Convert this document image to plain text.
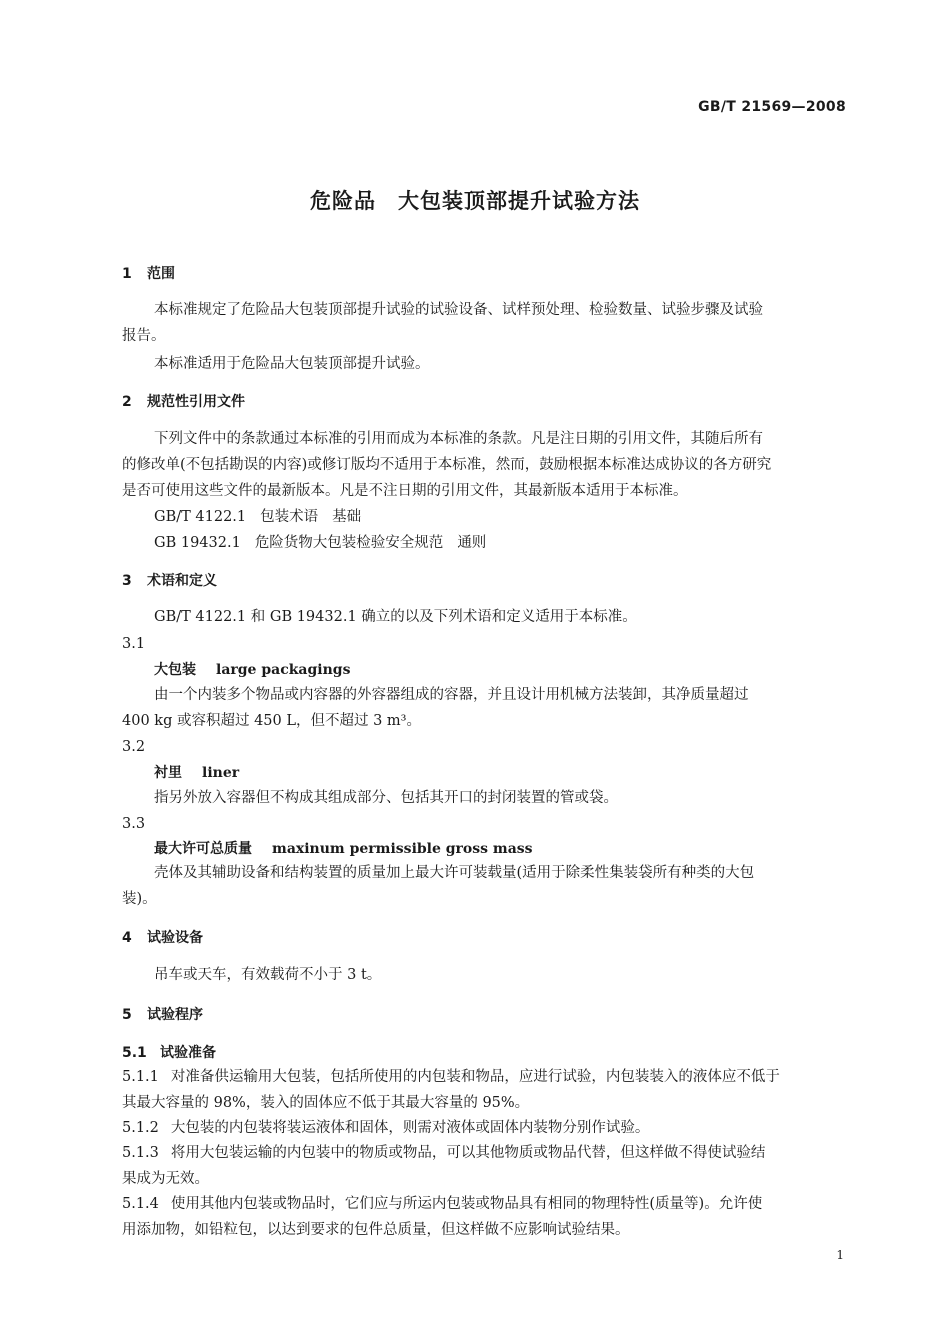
GB/T 21569—2008
危险品　大包装顶部提升试验方法
1 范围
本标准规定了危险品大包装顶部提升试验的试验设备、试样预处理、检验数量、试验步骤及试验
报告。
本标准适用于危险品大包装顶部提升试验。
2 规范性引用文件
下列文件中的条款通过本标准的引用而成为本标准的条款。凡是注日期的引用文件，其随后所有
的修改单(不包括勘误的内容)或修订版均不适用于本标准，然而，鼓励根据本标准达成协议的各方研究
是否可使用这些文件的最新版本。凡是不注日期的引用文件，其最新版本适用于本标准。
GB/T 4122.1 包装术语 基础
GB 19432.1 危险货物大包装检验安全规范 通则
3 术语和定义
GB/T 4122.1 和 GB 19432.1 确立的以及下列术语和定义适用于本标准。
3.1
大包装 large packagings
由一个内装多个物品或内容器的外容器组成的容器，并且设计用机械方法装卸，其净质量超过
400 kg 或容积超过 450 L，但不超过 3 m³。
3.2
衬里 liner
指另外放入容器但不构成其组成部分、包括其开口的封闭装置的管或袋。
3.3
最大许可总质量 maxinum permissible gross mass
壳体及其辅助设备和结构装置的质量加上最大许可装载量(适用于除柔性集装袋所有种类的大包
装)。
4 试验设备
吊车或天车，有效载荷不小于 3 t。
5 试验程序
5.1 试验准备
5.1.1 对准备供运输用大包装，包括所使用的内包装和物品，应进行试验，内包装装入的液体应不低于
其最大容量的 98%，装入的固体应不低于其最大容量的 95%。
5.1.2 大包装的内包装将装运液体和固体，则需对液体或固体内装物分别作试验。
5.1.3 将用大包装运输的内包装中的物质或物品，可以其他物质或物品代替，但这样做不得使试验结
果成为无效。
5.1.4 使用其他内包装或物品时，它们应与所运内包装或物品具有相同的物理特性(质量等)。允许使
用添加物，如铅粒包，以达到要求的包件总质量，但这样做不应影响试验结果。
1
